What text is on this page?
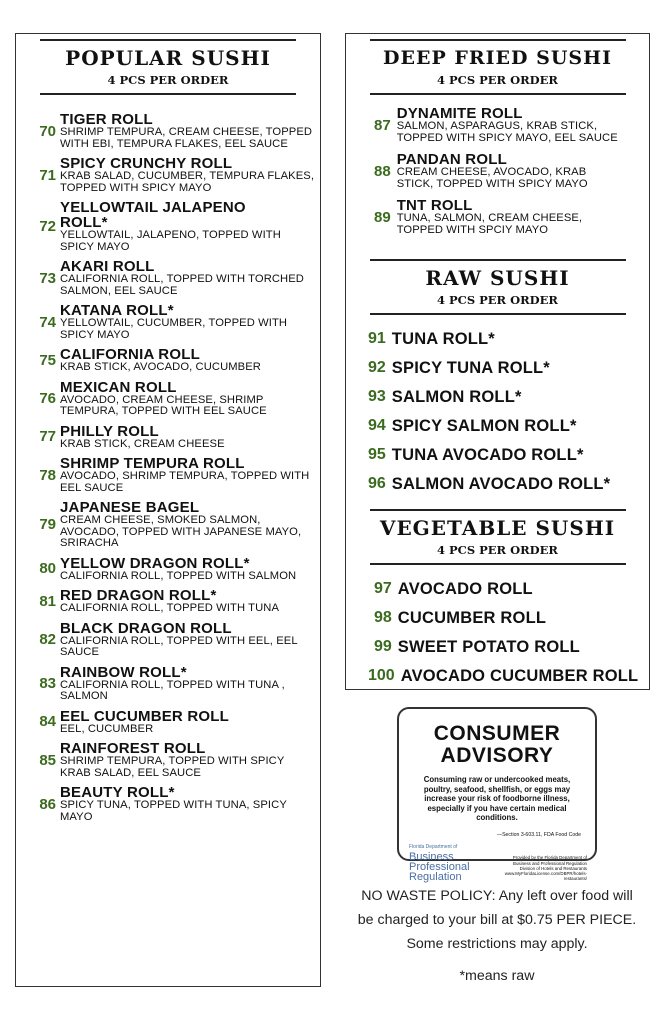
POPULAR SUSHI
4 PCS PER ORDER
70
TIGER ROLL
SHRIMP TEMPURA, CREAM CHEESE, TOPPED WITH EBI, TEMPURA FLAKES, EEL SAUCE
71
SPICY CRUNCHY ROLL
KRAB SALAD, CUCUMBER, TEMPURA FLAKES, TOPPED WITH SPICY MAYO
72
YELLOWTAIL JALAPENO ROLL*
YELLOWTAIL, JALAPENO, TOPPED WITH SPICY MAYO
73
AKARI ROLL
CALIFORNIA ROLL, TOPPED WITH TORCHED SALMON, EEL SAUCE
74
KATANA ROLL*
YELLOWTAIL, CUCUMBER, TOPPED WITH SPICY MAYO
75 CALIFORNIA ROLL
KRAB STICK, AVOCADO, CUCUMBER
76
MEXICAN ROLL
AVOCADO, CREAM CHEESE, SHRIMP TEMPURA, TOPPED WITH EEL SAUCE
77 PHILLY ROLL
KRAB STICK, CREAM CHEESE
78
SHRIMP TEMPURA ROLL
AVOCADO, SHRIMP TEMPURA, TOPPED WITH EEL SAUCE
79
JAPANESE BAGEL
CREAM CHEESE, SMOKED SALMON, AVOCADO, TOPPED WITH JAPANESE MAYO, SRIRACHA
80 YELLOW DRAGON ROLL*
CALIFORNIA ROLL, TOPPED WITH SALMON
81 RED DRAGON ROLL*
CALIFORNIA ROLL, TOPPED WITH TUNA
82
BLACK DRAGON ROLL
CALIFORNIA ROLL, TOPPED WITH EEL, EEL SAUCE
83
RAINBOW ROLL*
CALIFORNIA ROLL, TOPPED WITH TUNA , SALMON
84 EEL CUCUMBER ROLL
EEL, CUCUMBER
85
RAINFOREST ROLL
SHRIMP TEMPURA, TOPPED WITH SPICY KRAB SALAD, EEL SAUCE
86
BEAUTY ROLL*
SPICY TUNA, TOPPED WITH TUNA, SPICY MAYO
DEEP FRIED SUSHI
4 PCS PER ORDER
87
DYNAMITE ROLL
SALMON, ASPARAGUS, KRAB STICK, TOPPED WITH SPICY MAYO, EEL SAUCE
88
PANDAN ROLL
CREAM CHEESE, AVOCADO, KRAB STICK, TOPPED WITH SPICY MAYO
89
TNT ROLL
TUNA, SALMON, CREAM CHEESE, TOPPED WITH SPCIY MAYO
RAW SUSHI
4 PCS PER ORDER
91 TUNA ROLL*
92 SPICY TUNA ROLL*
93 SALMON ROLL*
94 SPICY SALMON ROLL*
95 TUNA AVOCADO ROLL*
96 SALMON AVOCADO ROLL*
VEGETABLE SUSHI
4 PCS PER ORDER
97 AVOCADO ROLL
98 CUCUMBER ROLL
99 SWEET POTATO ROLL
100 AVOCADO CUCUMBER ROLL
CONSUMER
ADVISORY
Consuming raw or undercooked meats, poultry, seafood, shellfish, or eggs may increase your risk of foodborne illness, especially if you have certain medical conditions.
—Section 3-603.11, FDA Food Code
Florida Department of
Business
Professional
Regulation
Provided by the Florida Department of Business and Professional Regulation Division of Hotels and Restaurants www.MyFloridaLicense.com/DBPR/hotels-restaurants/
NO WASTE POLICY: Any left over food will be charged to your bill at $0.75 PER PIECE. Some restrictions may apply.
*means raw
